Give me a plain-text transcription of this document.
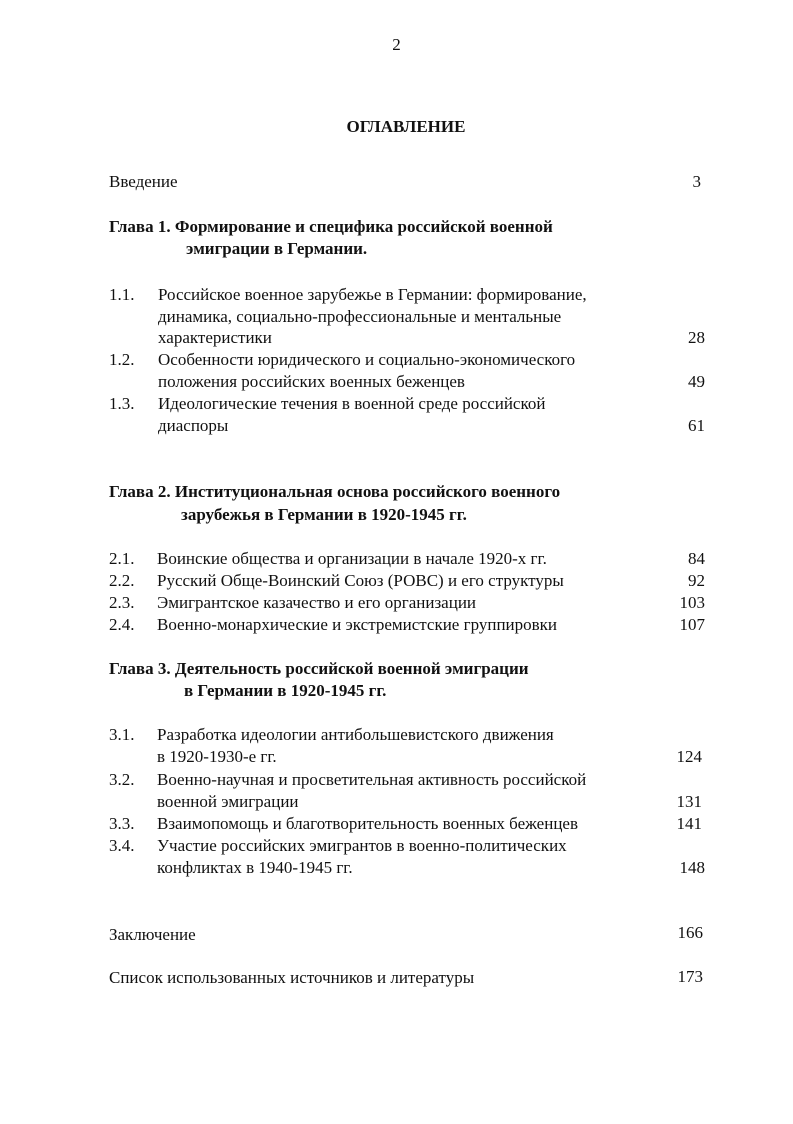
2
ОГЛАВЛЕНИЕ
Введение	3
Глава 1. Формирование и специфика российской военной
эмиграции в Германии.
1.1. Российское военное зарубежье в Германии: формирование,
динамика, социально-профессиональные и ментальные
характеристики	28
1.2. Особенности юридического и социально-экономического
положения российских военных беженцев	49
1.3. Идеологические течения в военной среде российской
диаспоры	61
Глава 2. Институциональная основа российского военного
зарубежья в Германии в 1920-1945 гг.
2.1. Воинские общества и организации в начале 1920-х гг.	84
2.2. Русский Обще-Воинский Союз (РОВС) и его структуры	92
2.3. Эмигрантское казачество и его организации	103
2.4. Военно-монархические и экстремистские группировки	107
Глава 3. Деятельность российской военной эмиграции
в Германии в 1920-1945 гг.
3.1. Разработка идеологии антибольшевистского движения
в 1920-1930-е гг.	124
3.2. Военно-научная и просветительная активность российской
военной эмиграции	131
3.3. Взаимопомощь и благотворительность военных беженцев	141
3.4. Участие российских эмигрантов в военно-политических
конфликтах в 1940-1945 гг.	148
Заключение	166
Список использованных источников и литературы	173
